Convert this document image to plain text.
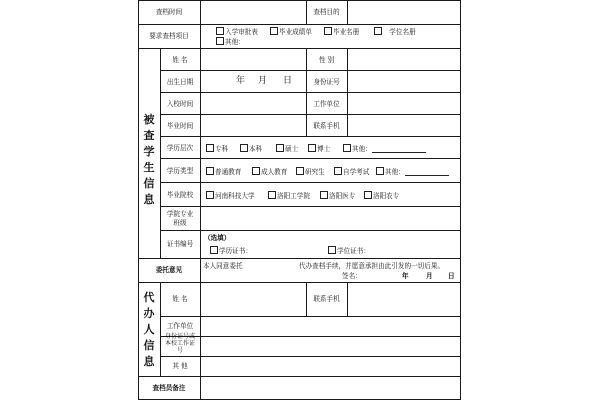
查档时间	查档目的
要求查档项目	入学审批表	毕业成绩单	毕业名册	学位名册
其他：
被查学生信息
姓 名	性 别
出生日期	年 月 日	身份证号
入校时间	工作单位
毕业时间	联系手机
学历层次	专科	本科	硕士	博士	其他：
学历类型	普通教育	成人教育	研究生	自学考试	其他：
毕业院校	河南科技大学	洛阳工学院	洛阳医专	洛阳农专
学院专业
班级
证书编号
（选填）
学历证书：	学位证书：
委托意见	本人同意委托	代办查档手续，并愿意承担由此引发的一切后果。
签名：	年	月 日
代办人信息
姓 名	联系手机
工作单位
身份证号或本校工作证号
其 他
查档员备注
